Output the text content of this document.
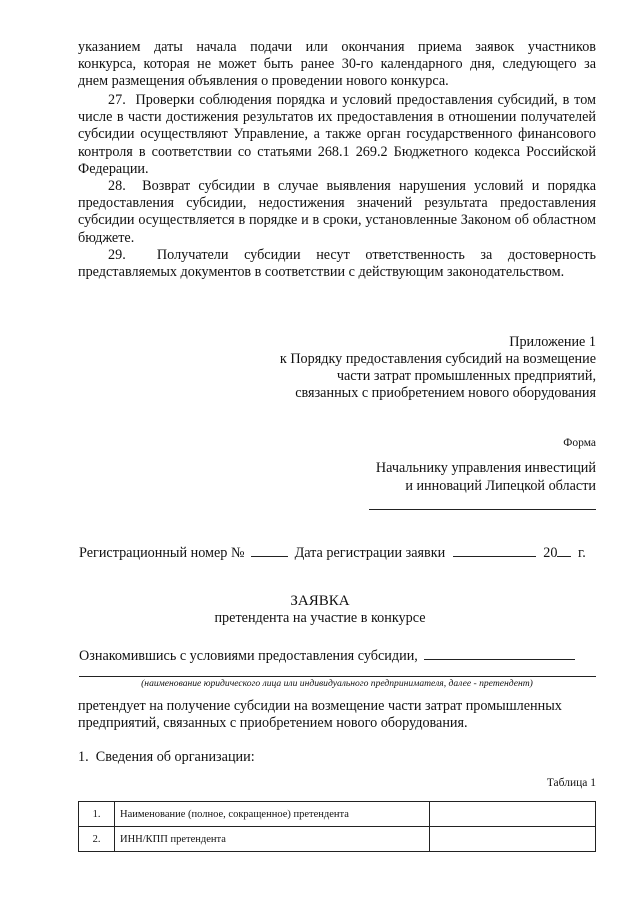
указанием даты начала подачи или окончания приема заявок участников

конкурса, которая не может быть ранее 30-го календарного дня, следующего за

днем размещения объявления о проведении нового конкурса.

27. Проверки соблюдения порядка и условий предоставления субсидий, в том числе в части достижения результатов их предоставления в отношении получателей субсидии осуществляют Управление, а также орган государственного финансового контроля в соответствии со статьями 268.1 269.2 Бюджетного кодекса Российской Федерации.

28. Возврат субсидии в случае выявления нарушения условий и порядка предоставления субсидии, недостижения значений результата предоставления субсидии осуществляется в порядке и в сроки, установленные Законом об областном бюджете.

29. Получатели субсидии несут ответственность за достоверность представляемых документов в соответствии с действующим законодательством.

Приложение 1

к Порядку предоставления субсидий на возмещение

части затрат промышленных предприятий,

связанных с приобретением нового оборудования

Форма

Начальнику управления инвестиций

и инноваций Липецкой области

Регистрационный номер №	Дата регистрации заявки	20 г.

ЗАЯВКА

претендента на участие в конкурсе

Ознакомившись с условиями предоставления субсидии,

(наименование юридического лица или индивидуального предпринимателя, далее - претендент)

претендует на получение субсидии на возмещение части затрат промышленных предприятий, связанных с приобретением нового оборудования.

1. Сведения об организации:

Таблица 1

1.	Наименование (полное, сокращенное) претендента	
2.	ИНН/КПП претендента	
